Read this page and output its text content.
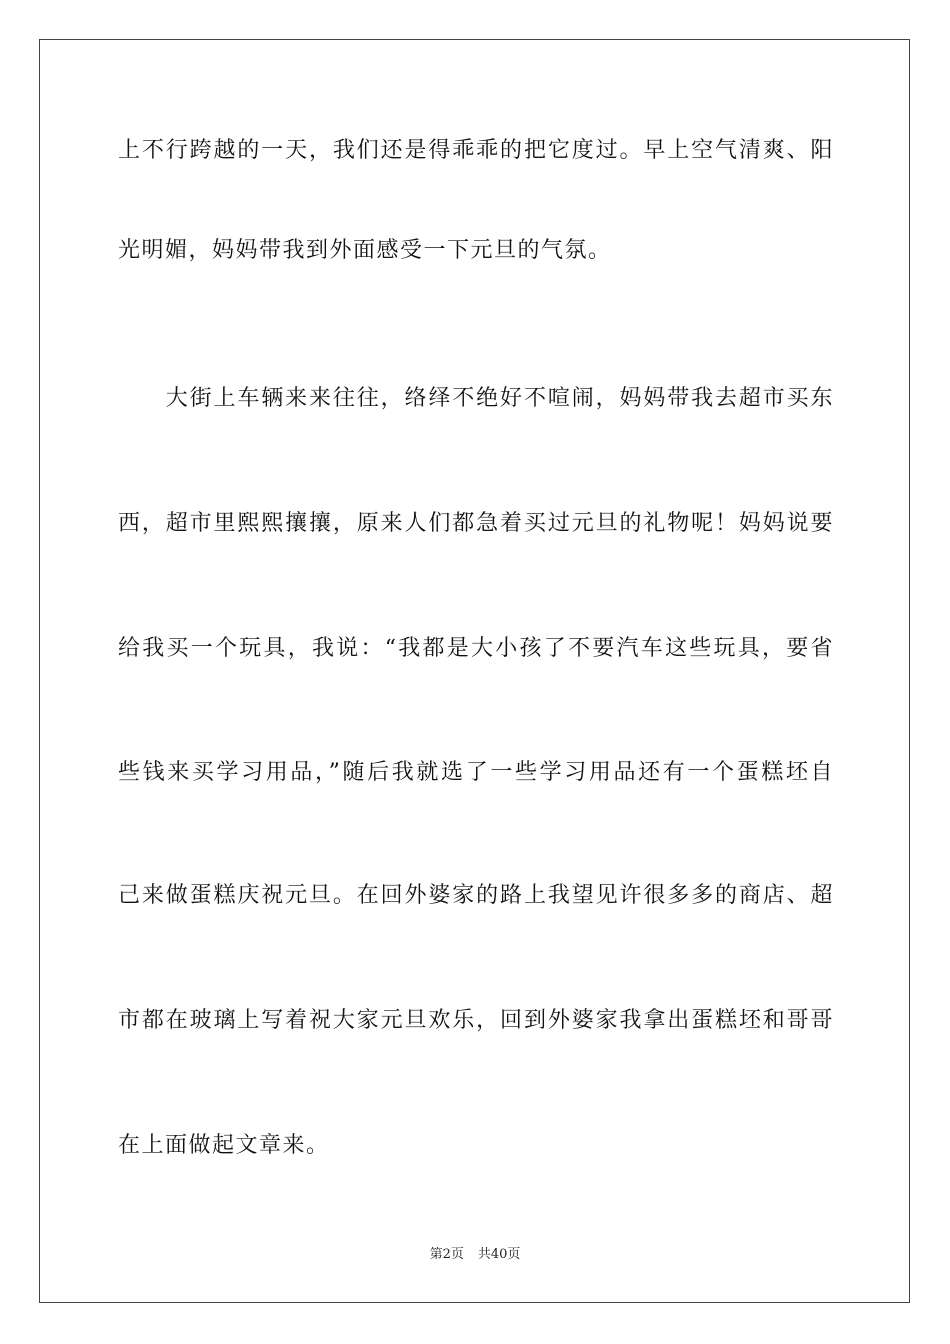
上不行跨越的一天，我们还是得乖乖的把它度过。早上空气清爽、阳
光明媚，妈妈带我到外面感受一下元旦的气氛。
　　大街上车辆来来往往，络绎不绝好不喧闹，妈妈带我去超市买东
西，超市里熙熙攘攘，原来人们都急着买过元旦的礼物呢！妈妈说要
给我买一个玩具，我说：“我都是大小孩了不要汽车这些玩具，要省
些钱来买学习用品，”随后我就选了一些学习用品还有一个蛋糕坯自
己来做蛋糕庆祝元旦。在回外婆家的路上我望见许很多多的商店、超
市都在玻璃上写着祝大家元旦欢乐，回到外婆家我拿出蛋糕坯和哥哥
在上面做起文章来。
第2页 共40页
